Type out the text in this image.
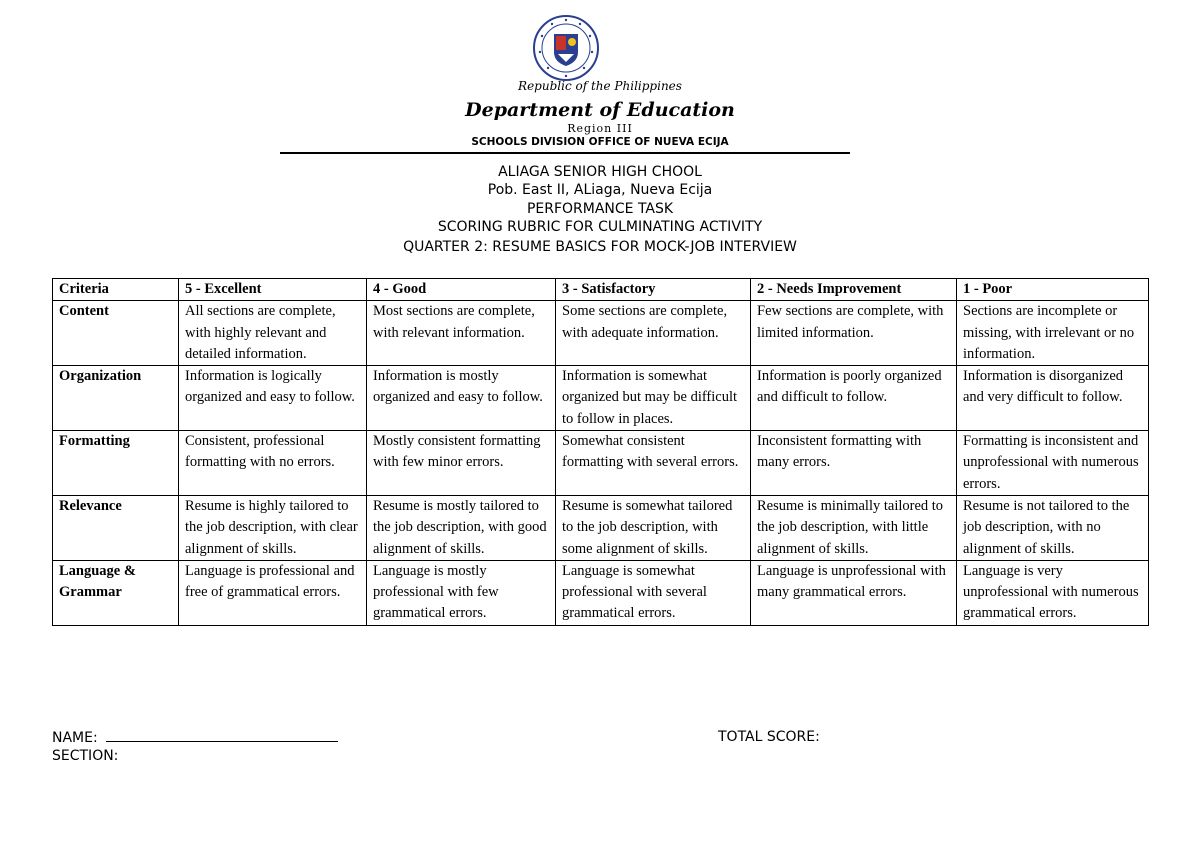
Republic of the Philippines
Department of Education
Region III
SCHOOLS DIVISION OFFICE OF NUEVA ECIJA
ALIAGA SENIOR HIGH CHOOL
Pob. East II, ALiaga, Nueva Ecija
PERFORMANCE TASK
SCORING RUBRIC FOR CULMINATING ACTIVITY
QUARTER 2: RESUME BASICS FOR MOCK-JOB INTERVIEW
Criteria	5 - Excellent	4 - Good	3 - Satisfactory	2 - Needs Improvement	1 - Poor
Content	All sections are complete, with highly relevant and detailed information.	Most sections are complete, with relevant information.	Some sections are complete, with adequate information.	Few sections are complete, with limited information.	Sections are incomplete or missing, with irrelevant or no information.
Organization	Information is logically organized and easy to follow.	Information is mostly organized and easy to follow.	Information is somewhat organized but may be difficult to follow in places.	Information is poorly organized and difficult to follow.	Information is disorganized and very difficult to follow.
Formatting	Consistent, professional formatting with no errors.	Mostly consistent formatting with few minor errors.	Somewhat consistent formatting with several errors.	Inconsistent formatting with many errors.	Formatting is inconsistent and unprofessional with numerous errors.
Relevance	Resume is highly tailored to the job description, with clear alignment of skills.	Resume is mostly tailored to the job description, with good alignment of skills.	Resume is somewhat tailored to the job description, with some alignment of skills.	Resume is minimally tailored to the job description, with little alignment of skills.	Resume is not tailored to the job description, with no alignment of skills.
Language & Grammar	Language is professional and free of grammatical errors.	Language is mostly professional with few grammatical errors.	Language is somewhat professional with several grammatical errors.	Language is unprofessional with many grammatical errors.	Language is very unprofessional with numerous grammatical errors.
NAME:
SECTION:
TOTAL SCORE:
